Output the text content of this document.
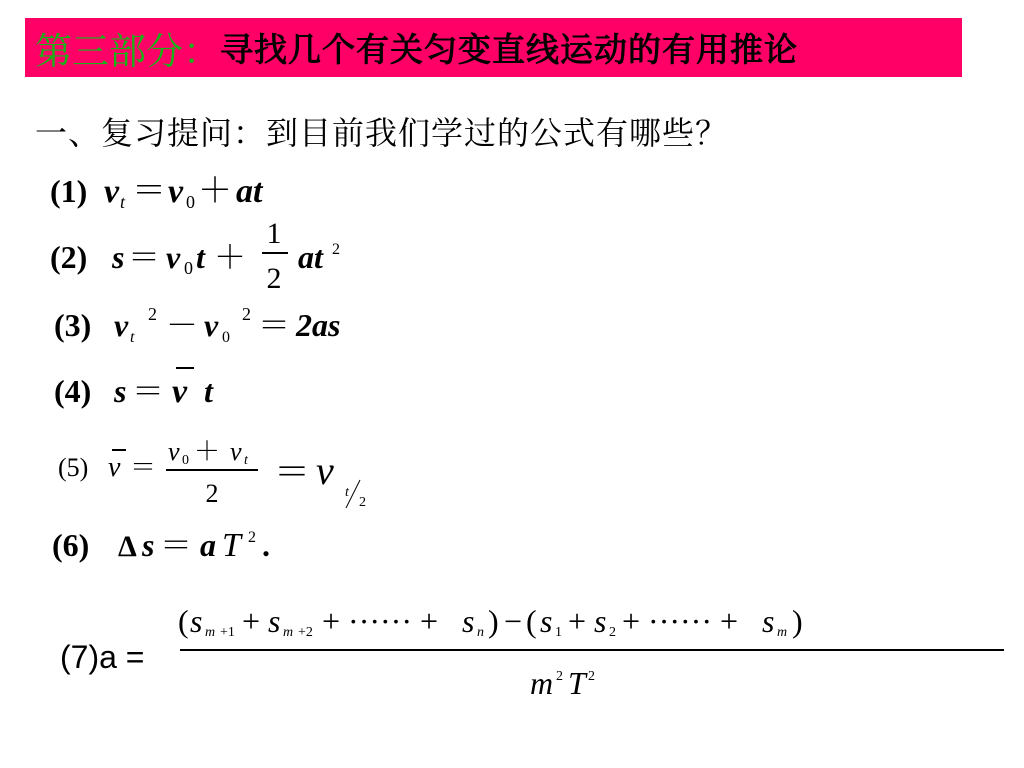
第三部分： 寻找几个有关匀变直线运动的有用推论
一、复习提问：到目前我们学过的公式有哪些？
(1) v t ＝ v 0 ＋ at
(2) s ＝ v 0 t ＋
1
2
at 2
(3) v t
2 － v 0
2 ＝ 2as
(4) s ＝ v t
(5) v ＝
v 0 ＋ v t
2
＝ v t
2
(6) Δ s ＝ a T 2 .
(7)a =
( s m +1 + s m +2 + ······ + s n ) − ( s 1 + s 2 + ······ + s m )
m 2 T 2
